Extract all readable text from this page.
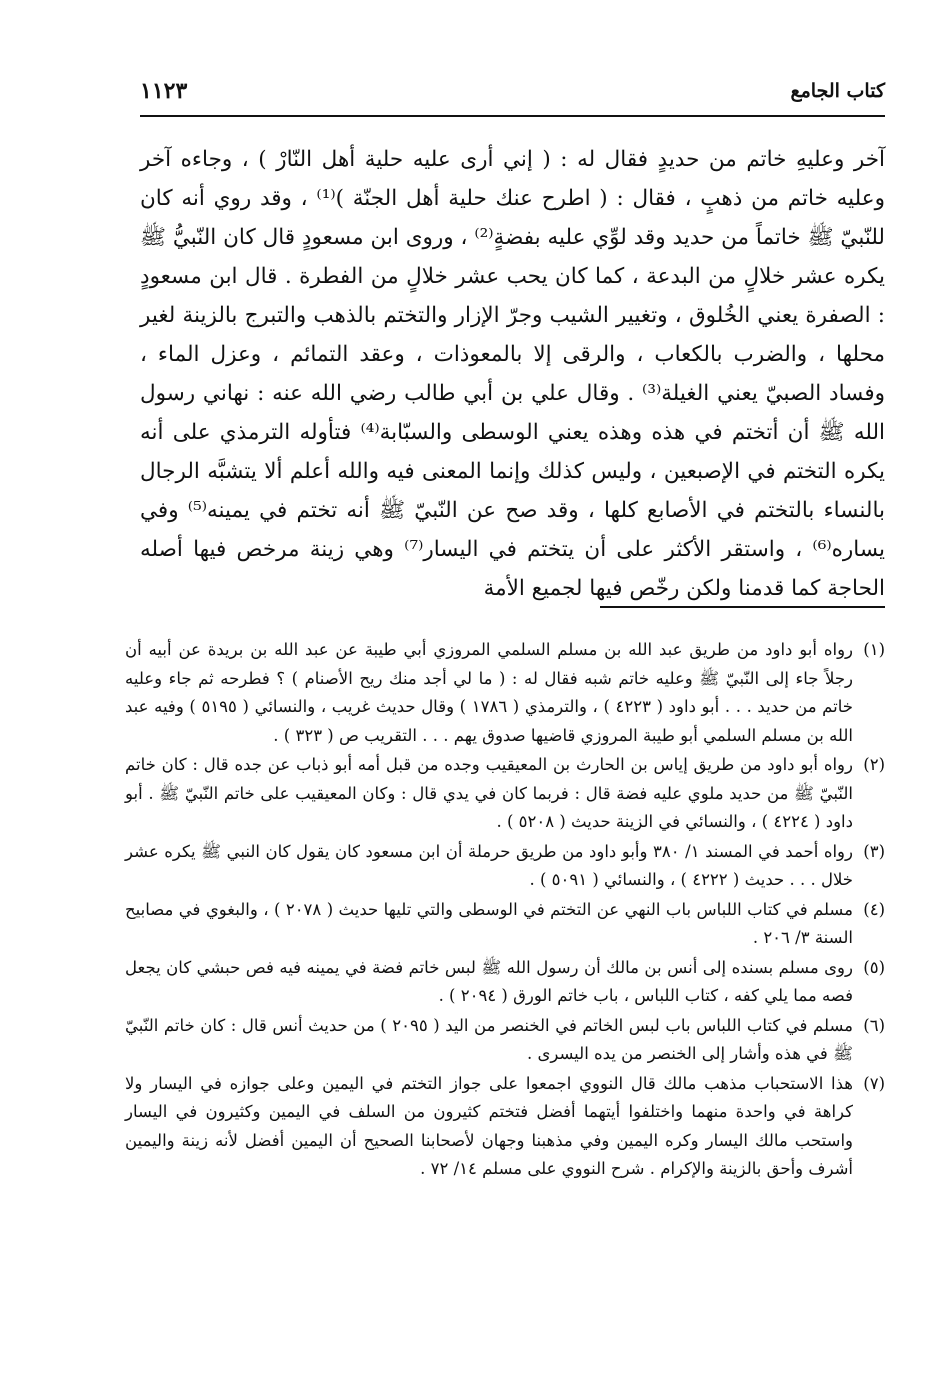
١١٢٣	كتاب الجامع

آخر وعليهِ خاتم من حديدٍ فقال له : ( إني أرى عليه حلية أهل النّارْ ) ، وجاءه آخر وعليه خاتم من ذهبٍ ، فقال : ( اطرح عنك حلية أهل الجنّة )⁽¹⁾ ، وقد روي أنه كان للنّبيّ ﷺ خاتماً من حديد وقد لوِّي عليه بفضةٍ⁽²⁾ ، وروى ابن مسعودٍ قال كان النّبيُّ ﷺ يكره عشر خلالٍ من البدعة ، كما كان يحب عشر خلالٍ من الفطرة . قال ابن مسعودٍ : الصفرة يعني الخُلوق ، وتغيير الشيب وجرّ الإزار والتختم بالذهب والتبرج بالزينة لغير محلها ، والضرب بالكعاب ، والرقى إلا بالمعوذات ، وعقد التمائم ، وعزل الماء ، وفساد الصبيّ يعني الغيلة⁽³⁾ . وقال علي بن أبي طالب رضي الله عنه : نهاني رسول الله ﷺ أن أتختم في هذه وهذه يعني الوسطى والسبّابة⁽⁴⁾ فتأوله الترمذي على أنه يكره التختم في الإصبعين ، وليس كذلك وإنما المعنى فيه والله أعلم ألا يتشبَّه الرجال بالنساء بالتختم في الأصابع كلها ، وقد صح عن النّبيّ ﷺ أنه تختم في يمينه⁽⁵⁾ وفي يساره⁽⁶⁾ ، واستقر الأكثر على أن يتختم في اليسار⁽⁷⁾ وهي زينة مرخص فيها أصله الحاجة كما قدمنا ولكن رخّص فيها لجميع الأمة

(١)
رواه أبو داود من طريق عبد الله بن مسلم السلمي المروزي أبي طيبة عن عبد الله بن بريدة عن أبيه أن رجلاً جاء إلى النّبيّ ﷺ وعليه خاتم شبه فقال له : ( ما لي أجد منك ريح الأصنام ) ؟ فطرحه ثم جاء وعليه خاتم من حديد . . . أبو داود ( ٤٢٢٣ ) ، والترمذي ( ١٧٨٦ ) وقال حديث غريب ، والنسائي ( ٥١٩٥ ) وفيه عبد الله بن مسلم السلمي أبو طيبة المروزي قاضيها صدوق يهم . . . التقريب ص ( ٣٢٣ ) .

(٢)
رواه أبو داود من طريق إياس بن الحارث بن المعيقيب وجده من قبل أمه أبو ذباب عن جده قال : كان خاتم النّبيّ ﷺ من حديد ملوي عليه فضة قال : فربما كان في يدي قال : وكان المعيقيب على خاتم النّبيّ ﷺ . أبو داود ( ٤٢٢٤ ) ، والنسائي في الزينة حديث ( ٥٢٠٨ ) .

(٣)
رواه أحمد في المسند ١/ ٣٨٠ وأبو داود من طريق حرملة أن ابن مسعود كان يقول كان النبي ﷺ يكره عشر خلال . . . حديث ( ٤٢٢٢ ) ، والنسائي ( ٥٠٩١ ) .

(٤)
مسلم في كتاب اللباس باب النهي عن التختم في الوسطى والتي تليها حديث ( ٢٠٧٨ ) ، والبغوي في مصابيح السنة ٣/ ٢٠٦ .

(٥)
روى مسلم بسنده إلى أنس بن مالك أن رسول الله ﷺ لبس خاتم فضة في يمينه فيه فص حبشي كان يجعل فصه مما يلي كفه ، كتاب اللباس ، باب خاتم الورق ( ٢٠٩٤ ) .

(٦)
مسلم في كتاب اللباس باب لبس الخاتم في الخنصر من اليد ( ٢٠٩٥ ) من حديث أنس قال : كان خاتم النّبيّ ﷺ في هذه وأشار إلى الخنصر من يده اليسرى .

(٧)
هذا الاستحباب مذهب مالك قال النووي اجمعوا على جواز التختم في اليمين وعلى جوازه في اليسار ولا كراهة في واحدة منهما واختلفوا أيتهما أفضل فتختم كثيرون من السلف في اليمين وكثيرون في اليسار واستحب مالك اليسار وكره اليمين وفي مذهبنا وجهان لأصحابنا الصحيح أن اليمين أفضل لأنه زينة واليمين أشرف وأحق بالزينة والإكرام . شرح النووي على مسلم ١٤/ ٧٢ .
